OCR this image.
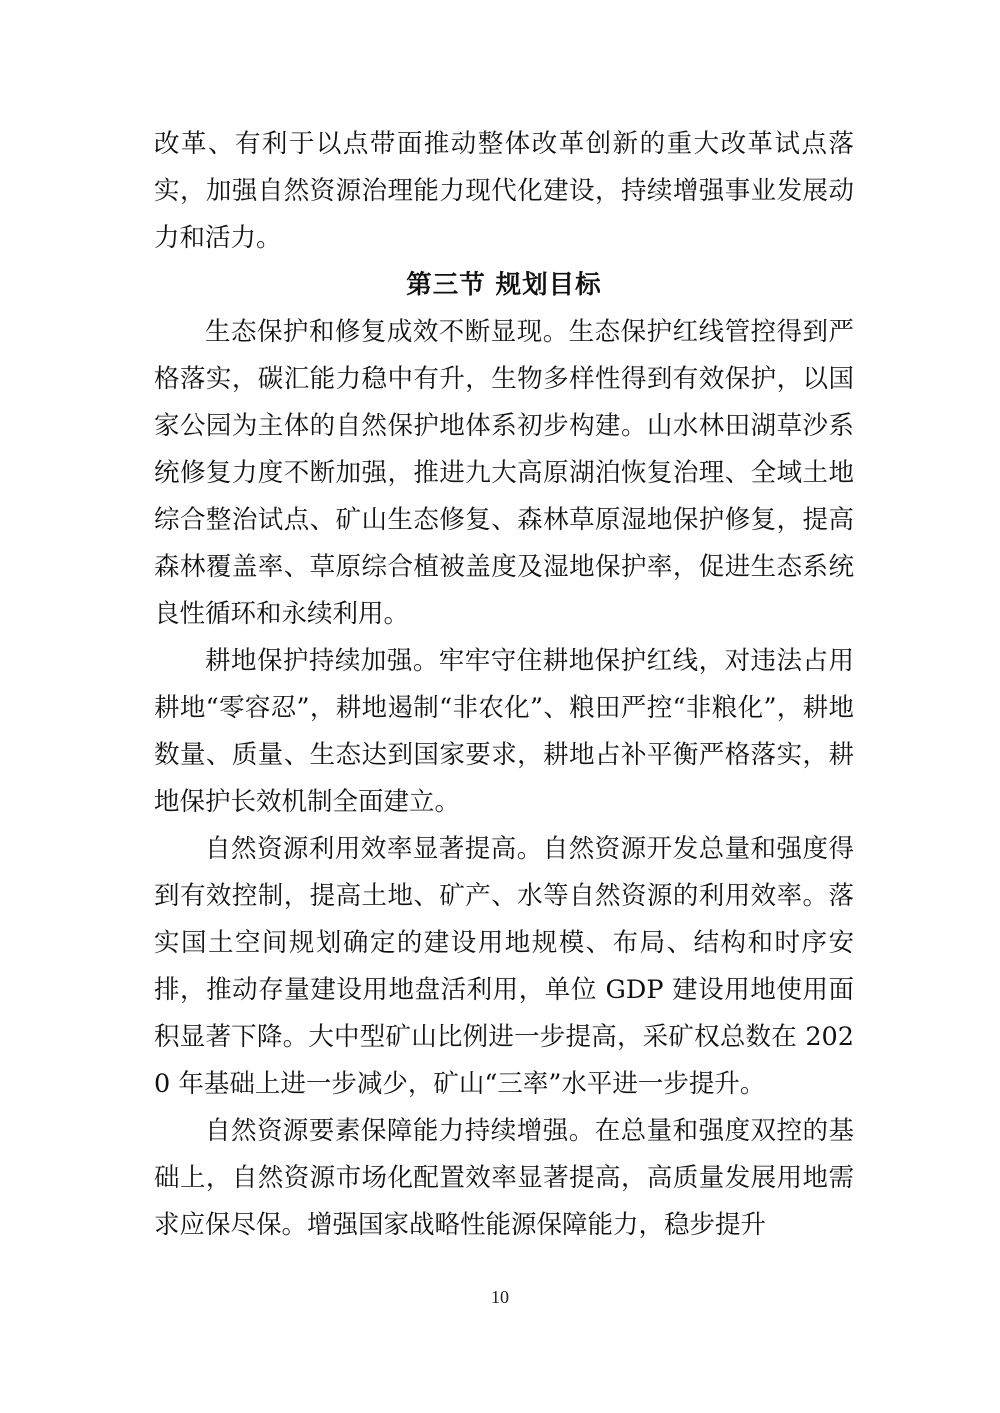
改革、有利于以点带面推动整体改革创新的重大改革试点落实，加强自然资源治理能力现代化建设，持续增强事业发展动力和活力。

第三节 规划目标

生态保护和修复成效不断显现。生态保护红线管控得到严格落实，碳汇能力稳中有升，生物多样性得到有效保护，以国家公园为主体的自然保护地体系初步构建。山水林田湖草沙系统修复力度不断加强，推进九大高原湖泊恢复治理、全域土地综合整治试点、矿山生态修复、森林草原湿地保护修复，提高森林覆盖率、草原综合植被盖度及湿地保护率，促进生态系统良性循环和永续利用。

耕地保护持续加强。牢牢守住耕地保护红线，对违法占用耕地“零容忍”，耕地遏制“非农化”、粮田严控“非粮化”，耕地数量、质量、生态达到国家要求，耕地占补平衡严格落实，耕地保护长效机制全面建立。

自然资源利用效率显著提高。自然资源开发总量和强度得到有效控制，提高土地、矿产、水等自然资源的利用效率。落实国土空间规划确定的建设用地规模、布局、结构和时序安排，推动存量建设用地盘活利用，单位 GDP 建设用地使用面积显著下降。大中型矿山比例进一步提高，采矿权总数在 2020 年基础上进一步减少，矿山“三率”水平进一步提升。

自然资源要素保障能力持续增强。在总量和强度双控的基础上，自然资源市场化配置效率显著提高，高质量发展用地需求应保尽保。增强国家战略性能源保障能力，稳步提升

10
